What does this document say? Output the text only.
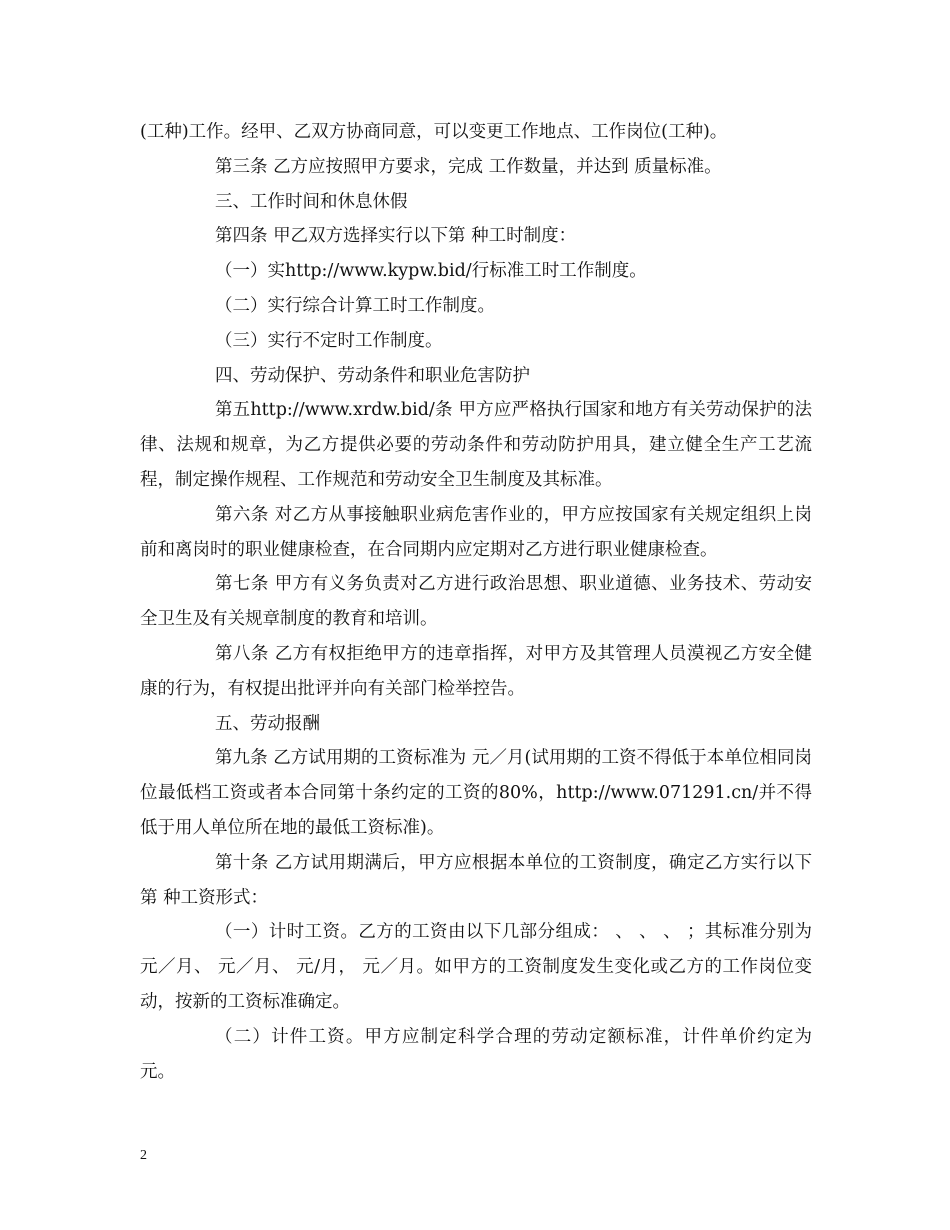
(工种)工作。经甲、乙双方协商同意，可以变更工作地点、工作岗位(工种)。

第三条 乙方应按照甲方要求，完成 工作数量，并达到 质量标准。

三、工作时间和休息休假

第四条 甲乙双方选择实行以下第 种工时制度：

（一）实http://www.kypw.bid/行标准工时工作制度。

（二）实行综合计算工时工作制度。

（三）实行不定时工作制度。

四、劳动保护、劳动条件和职业危害防护

第五http://www.xrdw.bid/条 甲方应严格执行国家和地方有关劳动保护的法律、法规和规章，为乙方提供必要的劳动条件和劳动防护用具，建立健全生产工艺流程，制定操作规程、工作规范和劳动安全卫生制度及其标准。

第六条 对乙方从事接触职业病危害作业的，甲方应按国家有关规定组织上岗前和离岗时的职业健康检查，在合同期内应定期对乙方进行职业健康检查。

第七条 甲方有义务负责对乙方进行政治思想、职业道德、业务技术、劳动安全卫生及有关规章制度的教育和培训。

第八条 乙方有权拒绝甲方的违章指挥，对甲方及其管理人员漠视乙方安全健康的行为，有权提出批评并向有关部门检举控告。

五、劳动报酬

第九条 乙方试用期的工资标准为 元／月(试用期的工资不得低于本单位相同岗位最低档工资或者本合同第十条约定的工资的80%，http://www.071291.cn/并不得低于用人单位所在地的最低工资标准)。

第十条 乙方试用期满后，甲方应根据本单位的工资制度，确定乙方实行以下第 种工资形式：

（一）计时工资。乙方的工资由以下几部分组成： 、 、 、 ；其标准分别为 元／月、 元／月、 元/月， 元／月。如甲方的工资制度发生变化或乙方的工作岗位变动，按新的工资标准确定。

（二）计件工资。甲方应制定科学合理的劳动定额标准，计件单价约定为 元。

2
